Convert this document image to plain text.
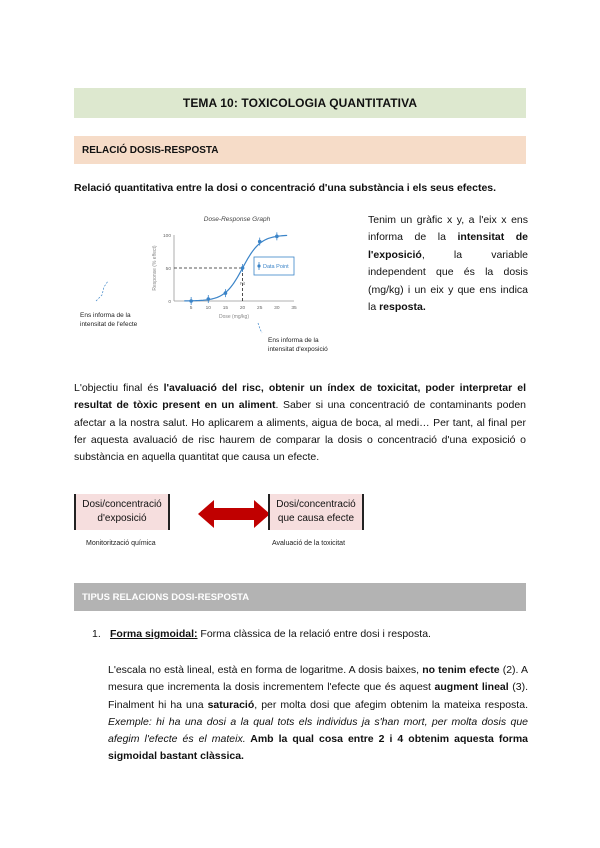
TEMA 10: TOXICOLOGIA QUANTITATIVA
RELACIÓ DOSIS-RESPOSTA
Relació quantitativa entre la dosi o concentració d'una substància i els seus efectes.
Dose-Response Graph
Response (% effect)
Dose (mg/kg)
0
50
100
5	10 15 20 25 30 35
Fit
Data Point
Ens informa de la
intensitat de l'efecte
Ens informa de la
intensitat d'exposició
Tenim un gràfic x y, a l'eix x ens informa de la intensitat de l'exposició, la variable independent que és la dosis (mg/kg) i un eix y que ens indica la resposta.
L'objectiu final és l'avaluació del risc, obtenir un índex de toxicitat, poder interpretar el resultat de tòxic present en un aliment. Saber si una concentració de contaminants poden afectar a la nostra salut. Ho aplicarem a aliments, aigua de boca, al medi… Per tant, al final per fer aquesta avaluació de risc haurem de comparar la dosis o concentració d'una exposició o substància en aquella quantitat que causa un efecte.
Dosi/concentració
d'exposició
Dosi/concentració
que causa efecte
Monitorització química	Avaluació de la toxicitat
TIPUS RELACIONS DOSI-RESPOSTA
1. Forma sigmoidal: Forma clàssica de la relació entre dosi i resposta.
L'escala no està lineal, està en forma de logaritme. A dosis baixes, no tenim efecte (2). A mesura que incrementa la dosis incrementem l'efecte que és aquest augment lineal (3). Finalment hi ha una saturació, per molta dosi que afegim obtenim la mateixa resposta. Exemple: hi ha una dosi a la qual tots els individus ja s'han mort, per molta dosis que afegim l'efecte és el mateix. Amb la qual cosa entre 2 i 4 obtenim aquesta forma sigmoidal bastant clàssica.
